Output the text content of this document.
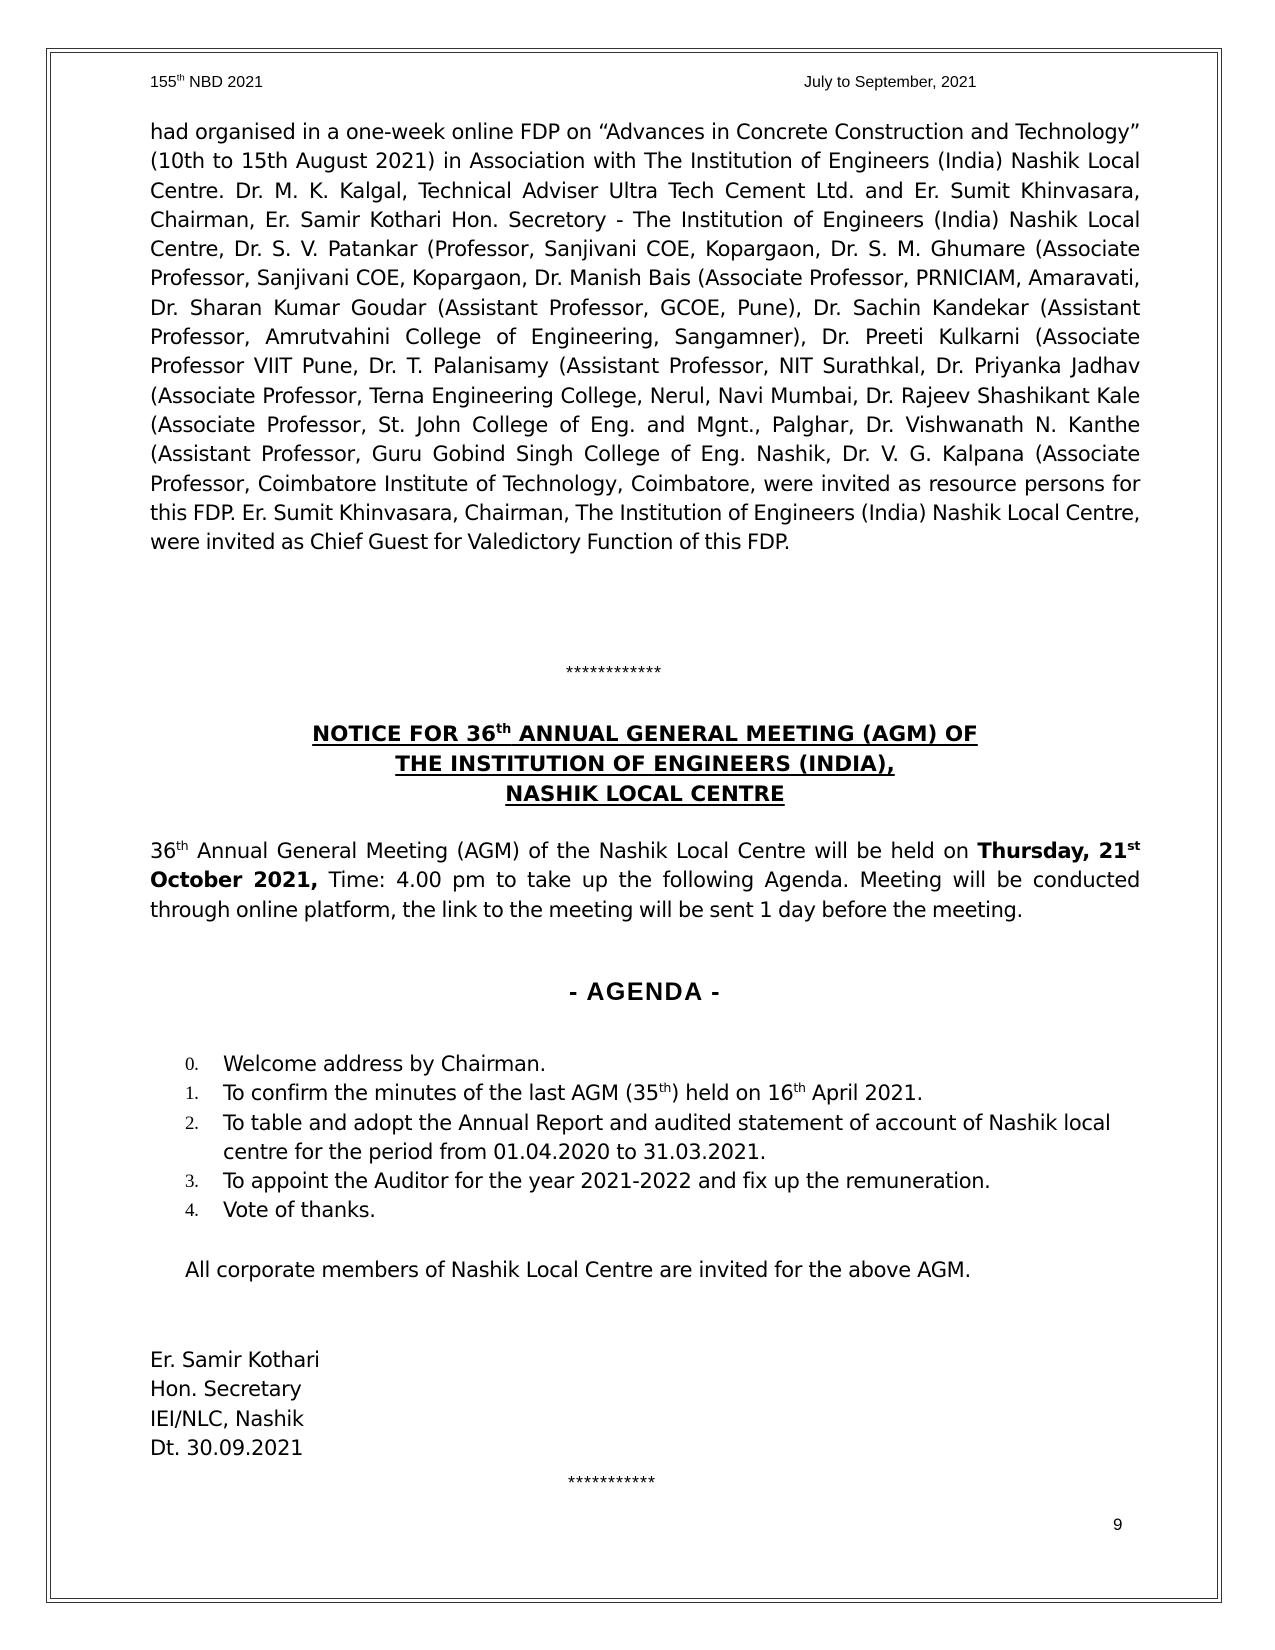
155th NBD 2021	July to September, 2021

had organised in a one-week online FDP on “Advances in Concrete Construction and Technology” (10th to 15th August 2021) in Association with The Institution of Engineers (India) Nashik Local Centre. Dr. M. K. Kalgal, Technical Adviser Ultra Tech Cement Ltd. and Er. Sumit Khinvasara, Chairman, Er. Samir Kothari Hon. Secretory - The Institution of Engineers (India) Nashik Local Centre, Dr. S. V. Patankar (Professor, Sanjivani COE, Kopargaon, Dr. S. M. Ghumare (Associate Professor, Sanjivani COE, Kopargaon, Dr. Manish Bais (Associate Professor, PRNICIAM, Amaravati, Dr. Sharan Kumar Goudar (Assistant Professor, GCOE, Pune), Dr. Sachin Kandekar (Assistant Professor, Amrutvahini College of Engineering, Sangamner), Dr. Preeti Kulkarni (Associate Professor VIIT Pune, Dr. T. Palanisamy (Assistant Professor, NIT Surathkal, Dr. Priyanka Jadhav (Associate Professor, Terna Engineering College, Nerul, Navi Mumbai, Dr. Rajeev Shashikant Kale (Associate Professor, St. John College of Eng. and Mgnt., Palghar, Dr. Vishwanath N. Kanthe (Assistant Professor, Guru Gobind Singh College of Eng. Nashik, Dr. V. G. Kalpana (Associate Professor, Coimbatore Institute of Technology, Coimbatore, were invited as resource persons for this FDP. Er. Sumit Khinvasara, Chairman, The Institution of Engineers (India) Nashik Local Centre, were invited as Chief Guest for Valedictory Function of this FDP.

************
NOTICE FOR 36th ANNUAL GENERAL MEETING (AGM) OF
THE INSTITUTION OF ENGINEERS (INDIA),
NASHIK LOCAL CENTRE

36th Annual General Meeting (AGM) of the Nashik Local Centre will be held on Thursday, 21st October 2021, Time: 4.00 pm to take up the following Agenda. Meeting will be conducted through online platform, the link to the meeting will be sent 1 day before the meeting.

- AGENDA -
0. Welcome address by Chairman.
1. To confirm the minutes of the last AGM (35th) held on 16th April 2021.
2. To table and adopt the Annual Report and audited statement of account of Nashik local centre for the period from 01.04.2020 to 31.03.2021.
3. To appoint the Auditor for the year 2021-2022 and fix up the remuneration.
4. Vote of thanks.

All corporate members of Nashik Local Centre are invited for the above AGM.

Er. Samir Kothari
Hon. Secretary
IEI/NLC, Nashik
Dt. 30.09.2021
***********
9
